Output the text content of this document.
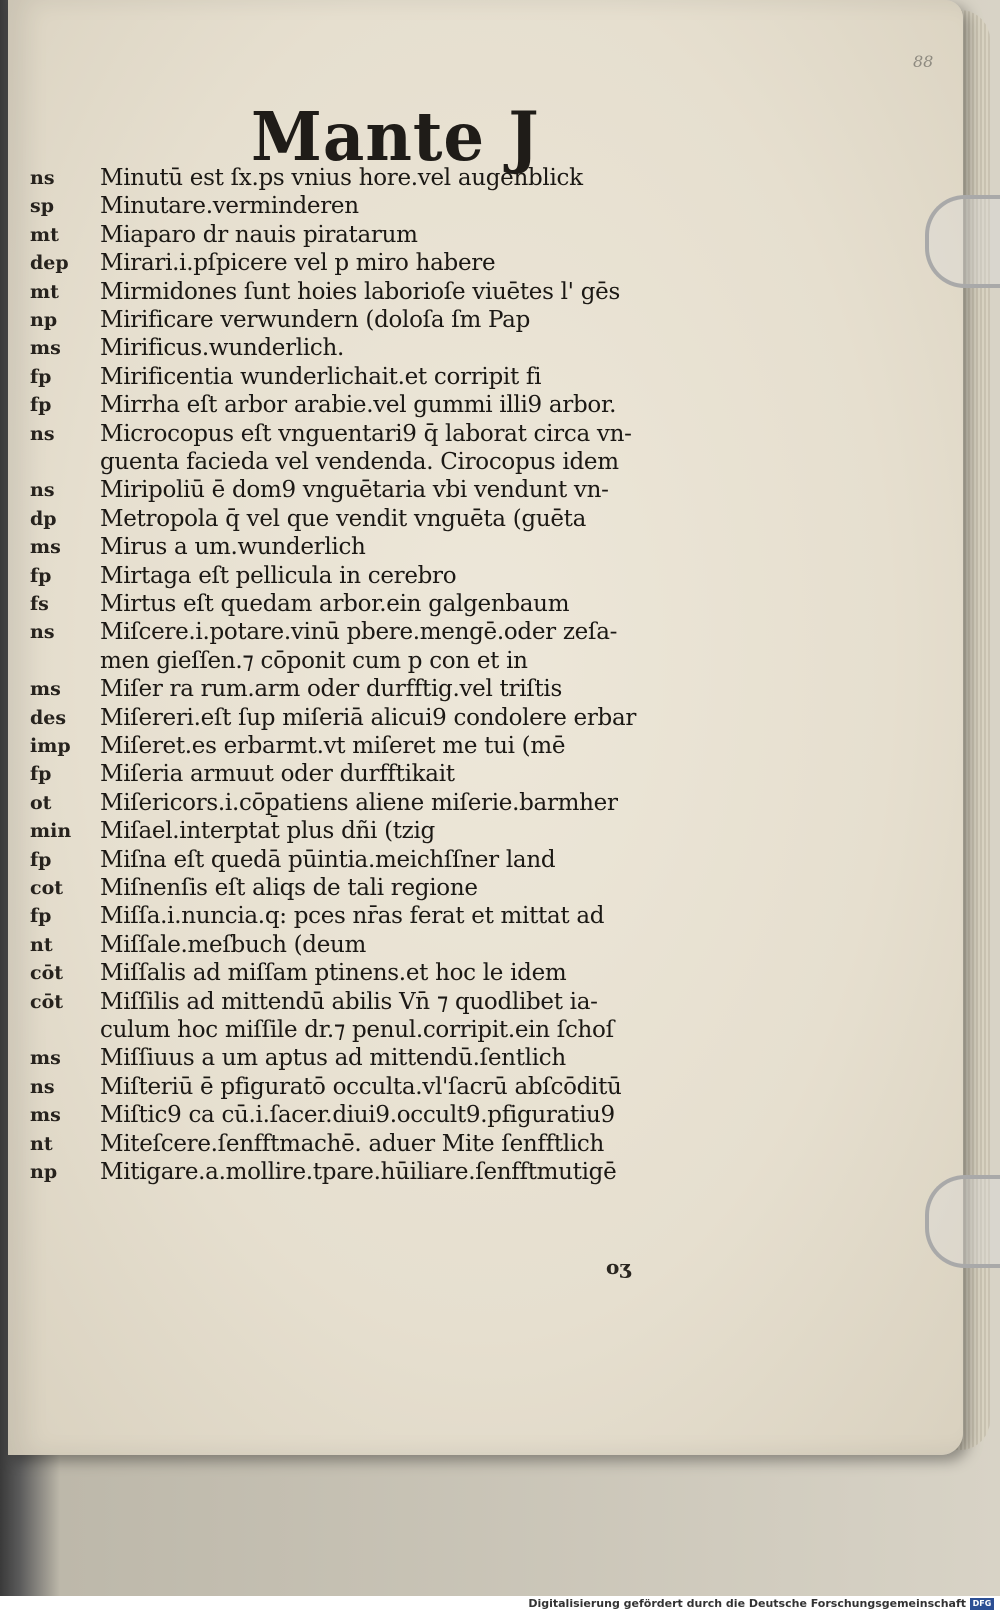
88
Mante J
ns
sp
mt
dep
mt
np
ms
fp
fp
ns
ns
dp
ms
fp
fs
ns
ms
des
imp
fp
ot
min
fp
cot
fp
nt
cōt
cōt
ms
ns
ms
nt
np
Minutū est ſx.ps vnius hore.vel augenblick
Minutare.verminderen
Miaparo dr nauis piratarum
Mirari.i.pſpicere vel p miro habere
Mirmidones ſunt hoies laborioſe viuētes l' gēs
Mirificare verwundern (doloſa ſm Pap
Mirificus.wunderlich.
Mirificentia wunderlichait.et corripit fi
Mirrha eſt arbor arabie.vel gummi illi9 arbor.
Microcopus eſt vnguentari9 q̄ laborat circa vn-
guenta facieda vel vendenda. Cirocopus idem
Miripoliū ē dom9 vnguētaria vbi vendunt vn-
Metropola q̄ vel que vendit vnguēta (guēta
Mirus a um.wunderlich
Mirtaga eſt pellicula in cerebro
Mirtus eſt quedam arbor.ein galgenbaum
Miſcere.i.potare.vinū pbere.mengē.oder zeſa-
men gieſſen.⁊ cōponit cum p con et in
Miſer ra rum.arm oder durfftig.vel triſtis
Miſereri.eſt ſup miſeriā alicui9 condolere erbar
Miſeret.es erbarmt.vt miſeret me tui (mē
Miſeria armuut oder durfftikait
Miſericors.i.cōpatiens aliene miſerie.barmher
Miſael.interptat̄ plus dñi (tzig
Miſna eſt quedā pūintia.meichſſner land
Miſnenſis eſt aliqs de tali regione
Miſſa.i.nuncia.q: pces nr̄as ferat et mittat ad
Miſſale.meſbuch (deum
Miſſalis ad miſſam ptinens.et hoc le idem
Miſſilis ad mittendū abilis Vn̄ ⁊ quodlibet ia-
culum hoc miſſile dr.⁊ penul.corripit.ein ſchoſ
Miſſiuus a um aptus ad mittendū.ſentlich
Miſteriū ē pfiguratō occulta.vl'ſacrū abſcōditū
Miſtic9 ca cū.i.ſacer.diui9.occult9.pfiguratiu9
Miteſcere.ſenfftmachē. aduer Mite ſenfftlich
Mitigare.a.mollire.tpare.hūiliare.ſenfftmutigē
oʒ
Digitalisierung gefördert durch die Deutsche Forschungsgemeinschaft DFG
